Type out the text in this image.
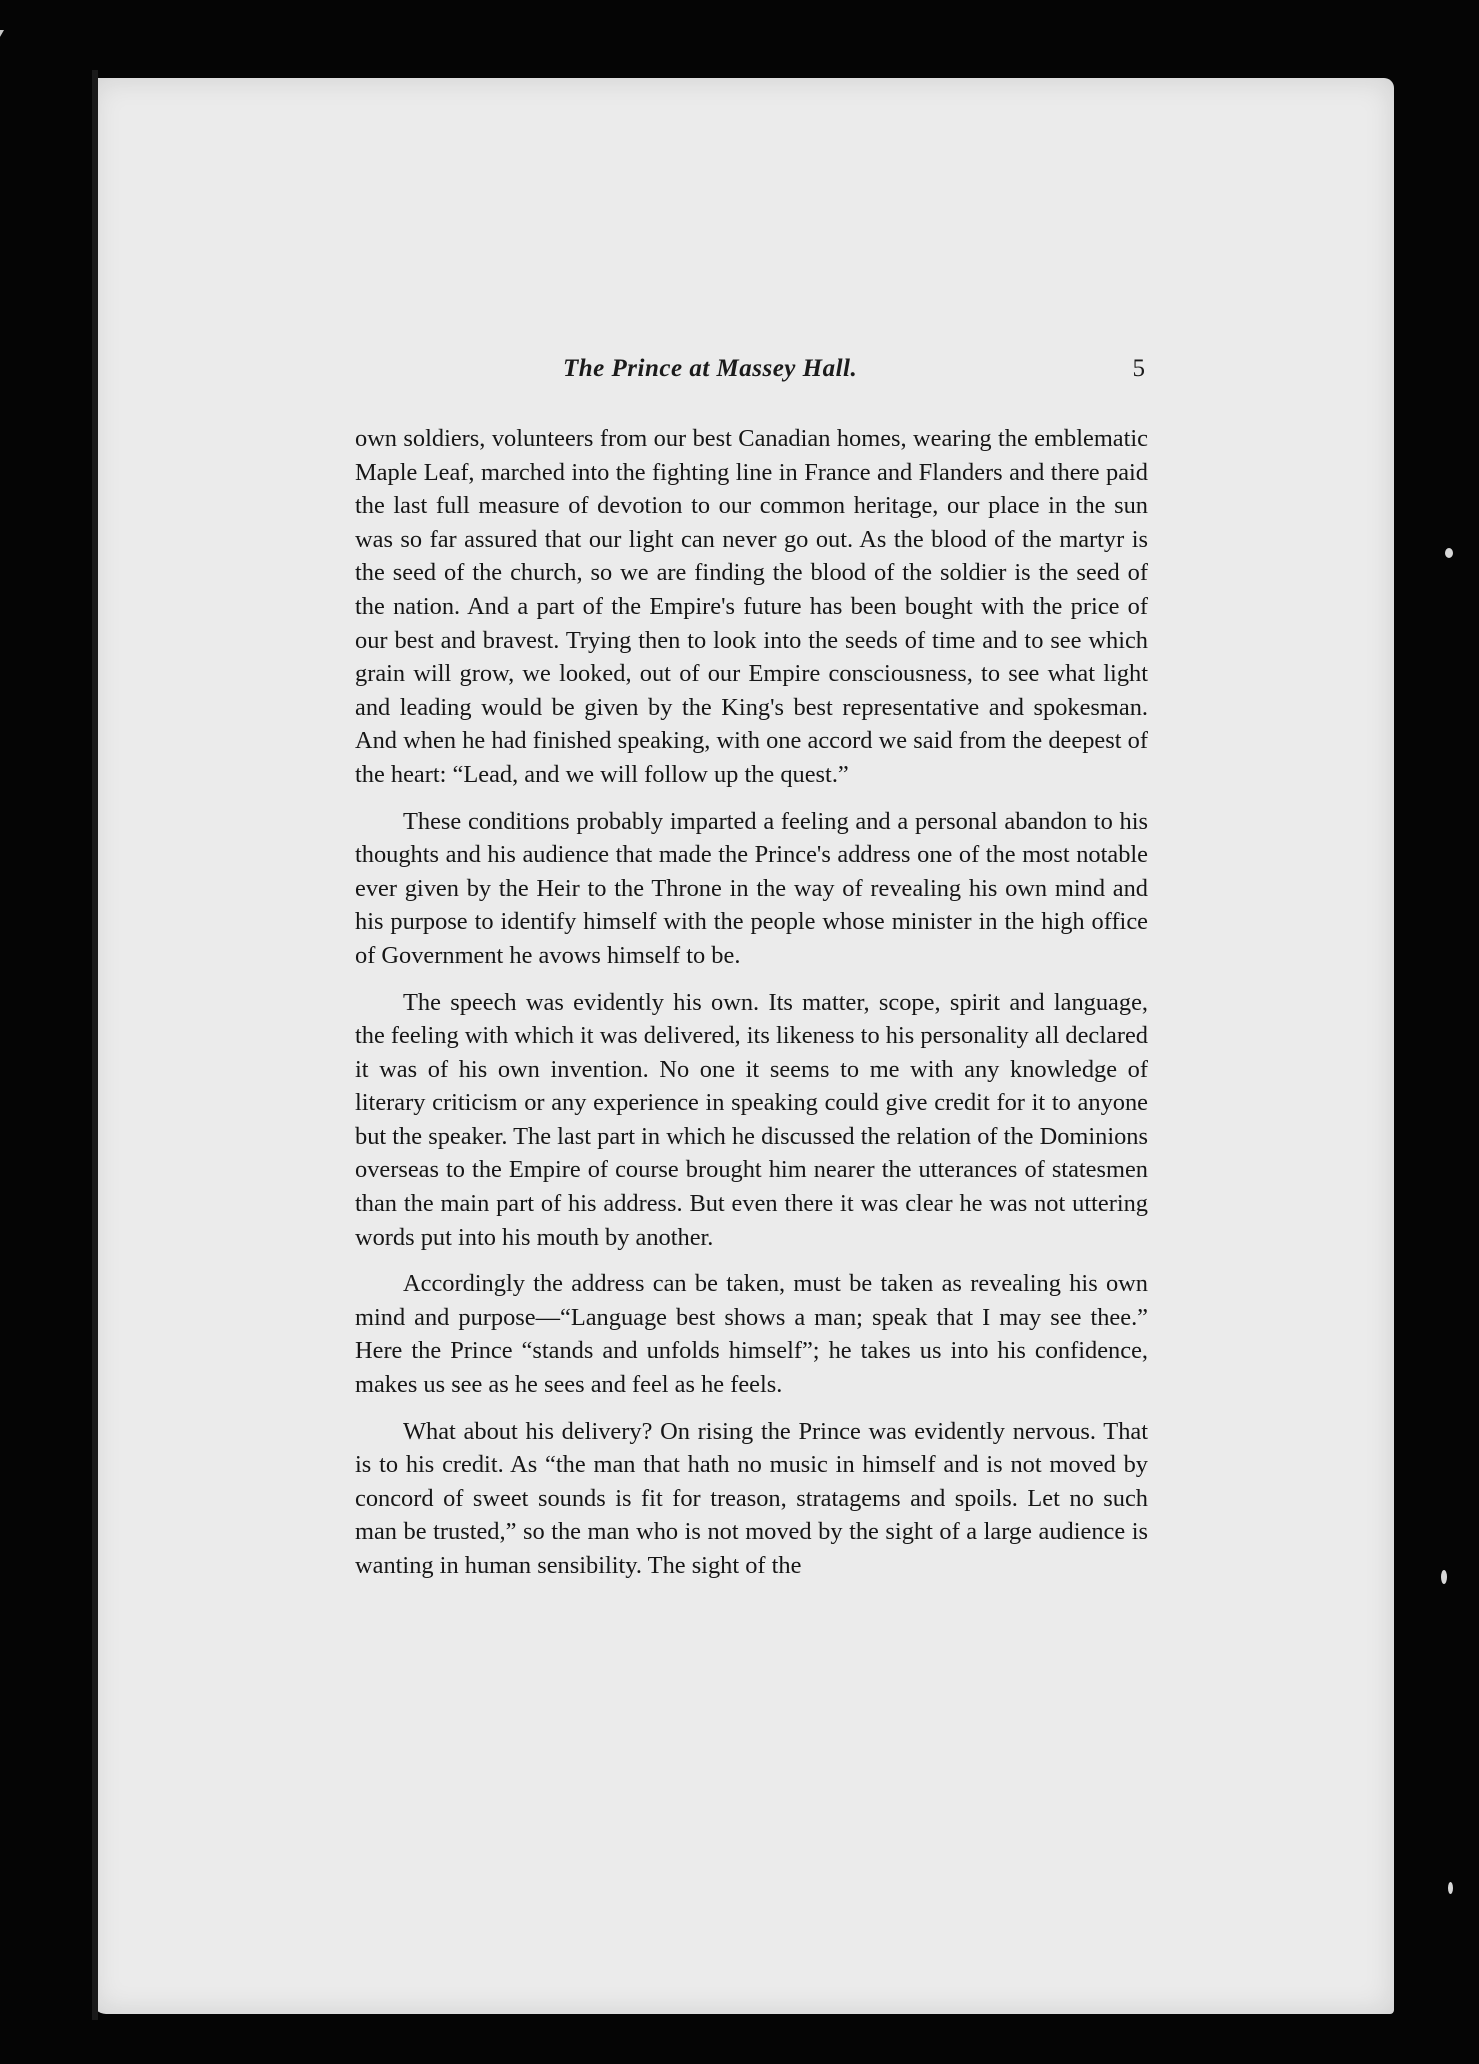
The Prince at Massey Hall.	5

own soldiers, volunteers from our best Canadian homes, wearing the emblematic Maple Leaf, marched into the fighting line in France and Flanders and there paid the last full measure of devotion to our common heritage, our place in the sun was so far assured that our light can never go out. As the blood of the martyr is the seed of the church, so we are finding the blood of the soldier is the seed of the nation. And a part of the Empire's future has been bought with the price of our best and bravest. Trying then to look into the seeds of time and to see which grain will grow, we looked, out of our Empire consciousness, to see what light and leading would be given by the King's best representative and spokesman. And when he had finished speaking, with one accord we said from the deepest of the heart: “Lead, and we will follow up the quest.”

These conditions probably imparted a feeling and a personal abandon to his thoughts and his audience that made the Prince's address one of the most notable ever given by the Heir to the Throne in the way of revealing his own mind and his purpose to identify himself with the people whose minister in the high office of Government he avows himself to be.

The speech was evidently his own. Its matter, scope, spirit and language, the feeling with which it was delivered, its likeness to his personality all declared it was of his own invention. No one it seems to me with any knowledge of literary criticism or any experience in speaking could give credit for it to anyone but the speaker. The last part in which he discussed the relation of the Dominions overseas to the Empire of course brought him nearer the utterances of statesmen than the main part of his address. But even there it was clear he was not uttering words put into his mouth by another.

Accordingly the address can be taken, must be taken as revealing his own mind and purpose—“Language best shows a man; speak that I may see thee.” Here the Prince “stands and unfolds himself”; he takes us into his confidence, makes us see as he sees and feel as he feels.

What about his delivery? On rising the Prince was evidently nervous. That is to his credit. As “the man that hath no music in himself and is not moved by concord of sweet sounds is fit for treason, stratagems and spoils. Let no such man be trusted,” so the man who is not moved by the sight of a large audience is wanting in human sensibility. The sight of the
